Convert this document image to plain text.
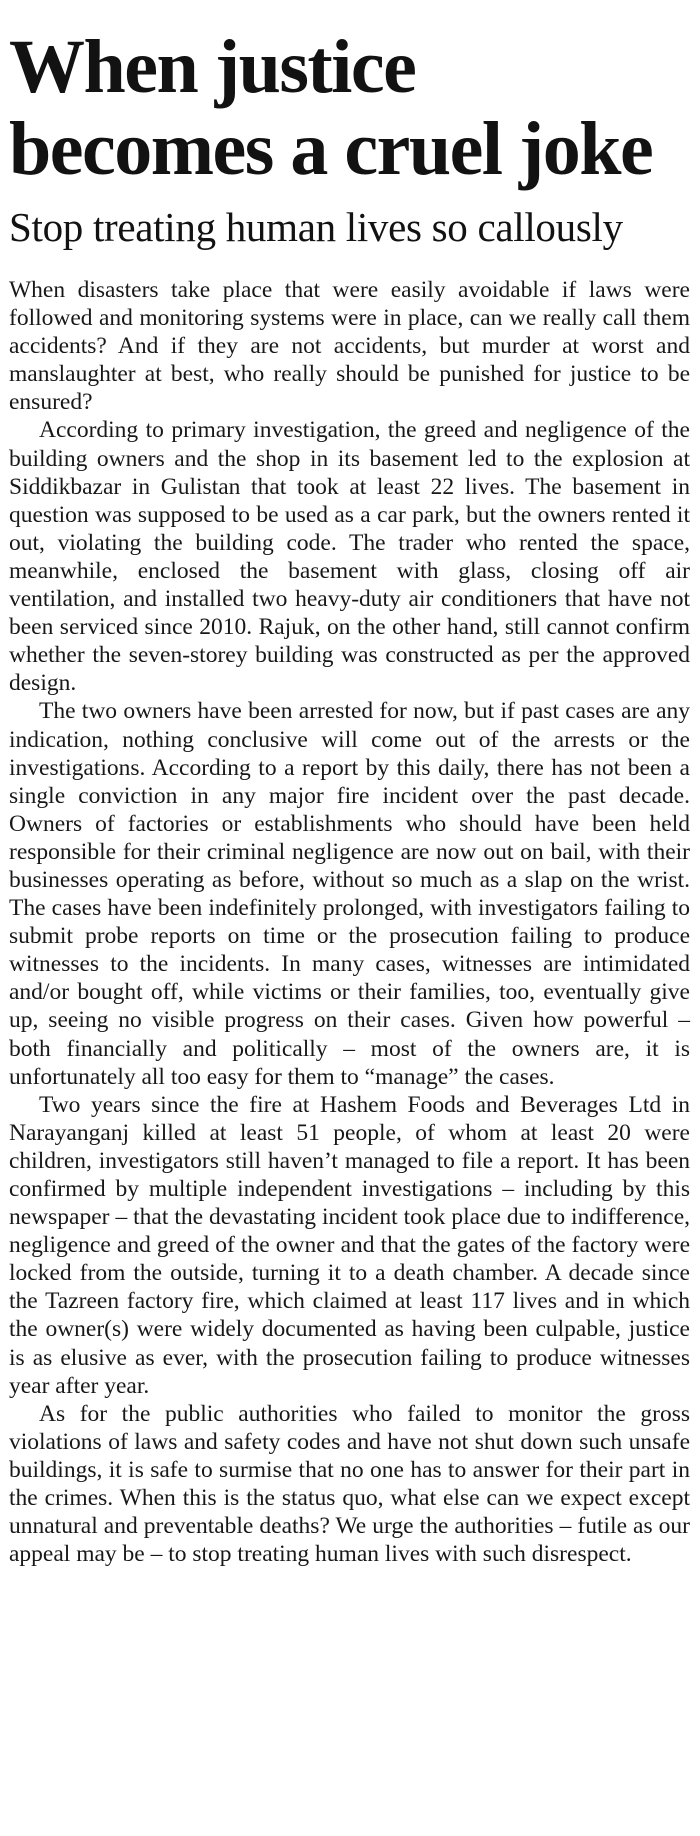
When justice becomes a cruel joke
Stop treating human lives so callously

When disasters take place that were easily avoidable if laws were followed and monitoring systems were in place, can we really call them accidents? And if they are not accidents, but murder at worst and manslaughter at best, who really should be punished for justice to be ensured?

According to primary investigation, the greed and negligence of the building owners and the shop in its basement led to the explosion at Siddikbazar in Gulistan that took at least 22 lives. The basement in question was supposed to be used as a car park, but the owners rented it out, violating the building code. The trader who rented the space, meanwhile, enclosed the basement with glass, closing off air ventilation, and installed two heavy-duty air conditioners that have not been serviced since 2010. Rajuk, on the other hand, still cannot confirm whether the seven-storey building was constructed as per the approved design.

The two owners have been arrested for now, but if past cases are any indication, nothing conclusive will come out of the arrests or the investigations. According to a report by this daily, there has not been a single conviction in any major fire incident over the past decade. Owners of factories or establishments who should have been held responsible for their criminal negligence are now out on bail, with their businesses operating as before, without so much as a slap on the wrist. The cases have been indefinitely prolonged, with investigators failing to submit probe reports on time or the prosecution failing to produce witnesses to the incidents. In many cases, witnesses are intimidated and/or bought off, while victims or their families, too, eventually give up, seeing no visible progress on their cases. Given how powerful – both financially and politically – most of the owners are, it is unfortunately all too easy for them to “manage” the cases.

Two years since the fire at Hashem Foods and Beverages Ltd in Narayanganj killed at least 51 people, of whom at least 20 were children, investigators still haven’t managed to file a report. It has been confirmed by multiple independent investigations – including by this newspaper – that the devastating incident took place due to indifference, negligence and greed of the owner and that the gates of the factory were locked from the outside, turning it to a death chamber. A decade since the Tazreen factory fire, which claimed at least 117 lives and in which the owner(s) were widely documented as having been culpable, justice is as elusive as ever, with the prosecution failing to produce witnesses year after year.

As for the public authorities who failed to monitor the gross violations of laws and safety codes and have not shut down such unsafe buildings, it is safe to surmise that no one has to answer for their part in the crimes. When this is the status quo, what else can we expect except unnatural and preventable deaths? We urge the authorities – futile as our appeal may be – to stop treating human lives with such disrespect.
